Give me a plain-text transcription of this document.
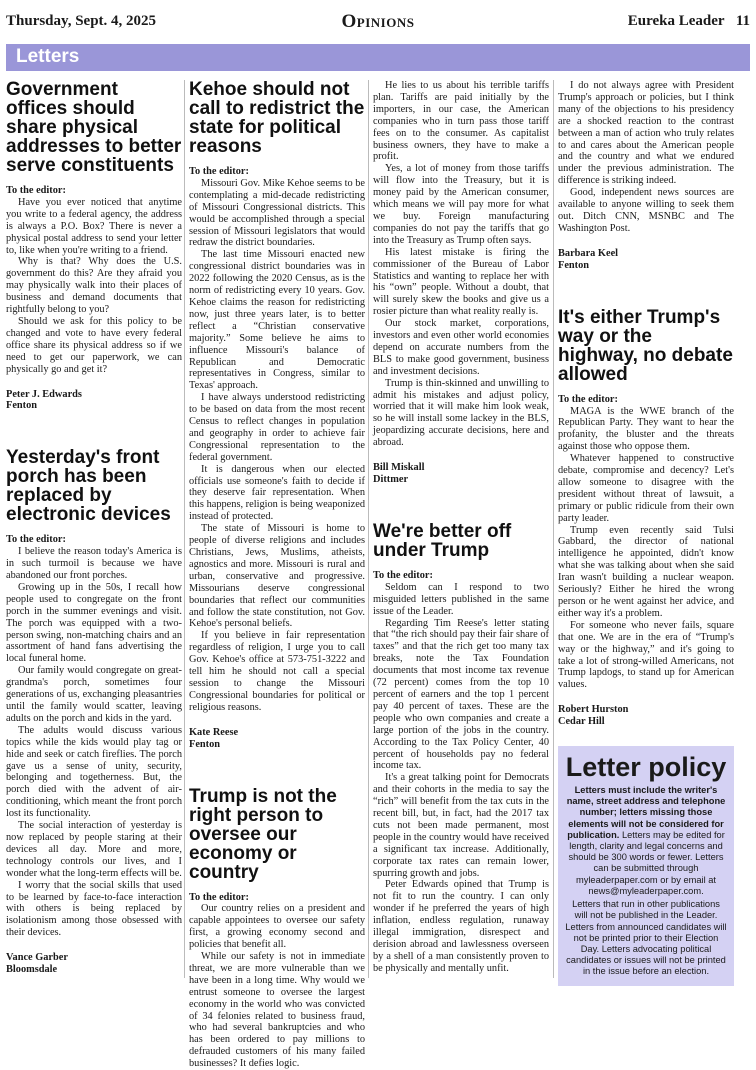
Thursday, Sept. 4, 2025	Opinions	Eureka Leader 11
Letters
Government offices should share physical addresses to better serve constituents
To the editor:

Have you ever noticed that anytime you write to a federal agency, the address is always a P.O. Box? There is never a physical postal address to send your letter to, like when you're writing to a friend.

Why is that? Why does the U.S. government do this? Are they afraid you may physically walk into their places of business and demand documents that rightfully belong to you?

Should we ask for this policy to be changed and vote to have every federal office share its physical address so if we need to get our paperwork, we can physically go and get it?

Peter J. Edwards
Fenton
Yesterday's front porch has been replaced by electronic devices
To the editor:

I believe the reason today's America is in such turmoil is because we have abandoned our front porches.

Growing up in the 50s, I recall how people used to congregate on the front porch in the summer evenings and visit. The porch was equipped with a two-person swing, non-matching chairs and an assortment of hand fans advertising the local funeral home.

Our family would congregate on great-grandma's porch, sometimes four generations of us, exchanging pleasantries until the family would scatter, leaving adults on the porch and kids in the yard.

The adults would discuss various topics while the kids would play tag or hide and seek or catch fireflies. The porch gave us a sense of unity, security, belonging and togetherness. But, the porch died with the advent of air-conditioning, which meant the front porch lost its functionality.

The social interaction of yesterday is now replaced by people staring at their devices all day. More and more, technology controls our lives, and I wonder what the long-term effects will be.

I worry that the social skills that used to be learned by face-to-face interaction with others is being replaced by isolationism among those obsessed with their devices.

Vance Garber
Bloomsdale
Kehoe should not call to redistrict the state for political reasons
To the editor:

Missouri Gov. Mike Kehoe seems to be contemplating a mid-decade redistricting of Missouri Congressional districts. This would be accomplished through a special session of Missouri legislators that would redraw the district boundaries.

The last time Missouri enacted new congressional district boundaries was in 2022 following the 2020 Census, as is the norm of redistricting every 10 years. Gov. Kehoe claims the reason for redistricting now, just three years later, is to better reflect a “Christian conservative majority.” Some believe he aims to influence Missouri's balance of Republican and Democratic representatives in Congress, similar to Texas' approach.

I have always understood redistricting to be based on data from the most recent Census to reflect changes in population and geography in order to achieve fair Congressional representation to the federal government.

It is dangerous when our elected officials use someone's faith to decide if they deserve fair representation. When this happens, religion is being weaponized instead of protected.

The state of Missouri is home to people of diverse religions and includes Christians, Jews, Muslims, atheists, agnostics and more. Missouri is rural and urban, conservative and progressive. Missourians deserve congressional boundaries that reflect our communities and follow the state constitution, not Gov. Kehoe's personal beliefs.

If you believe in fair representation regardless of religion, I urge you to call Gov. Kehoe's office at 573-751-3222 and tell him he should not call a special session to change the Missouri Congressional boundaries for political or religious reasons.

Kate Reese
Fenton
Trump is not the right person to oversee our economy or country
To the editor:

Our country relies on a president and capable appointees to oversee our safety first, a growing economy second and policies that benefit all.

While our safety is not in immediate threat, we are more vulnerable than we have been in a long time. Why would we entrust someone to oversee the largest economy in the world who was convicted of 34 felonies related to business fraud, who had several bankruptcies and who has been ordered to pay millions to defrauded customers of his many failed businesses? It defies logic.

He lies to us about his terrible tariffs plan. Tariffs are paid initially by the importers, in our case, the American companies who in turn pass those tariff fees on to the consumer. As capitalist business owners, they have to make a profit.

Yes, a lot of money from those tariffs will flow into the Treasury, but it is money paid by the American consumer, which means we will pay more for what we buy. Foreign manufacturing companies do not pay the tariffs that go into the Treasury as Trump often says.

His latest mistake is firing the commissioner of the Bureau of Labor Statistics and wanting to replace her with his “own” people. Without a doubt, that will surely skew the books and give us a rosier picture than what reality really is.

Our stock market, corporations, investors and even other world economies depend on accurate numbers from the BLS to make good government, business and investment decisions.

Trump is thin-skinned and unwilling to admit his mistakes and adjust policy, worried that it will make him look weak, so he will install some lackey in the BLS, jeopardizing accurate decisions, here and abroad.

Bill Miskall
Dittmer
We're better off under Trump
To the editor:

Seldom can I respond to two misguided letters published in the same issue of the Leader.

Regarding Tim Reese's letter stating that “the rich should pay their fair share of taxes” and that the rich get too many tax breaks, note the Tax Foundation documents that most income tax revenue (72 percent) comes from the top 10 percent of earners and the top 1 percent pay 40 percent of taxes. These are the people who own companies and create a large portion of the jobs in the country. According to the Tax Policy Center, 40 percent of households pay no federal income tax.

It's a great talking point for Democrats and their cohorts in the media to say the “rich” will benefit from the tax cuts in the recent bill, but, in fact, had the 2017 tax cuts not been made permanent, most people in the country would have received a significant tax increase. Additionally, corporate tax rates can remain lower, spurring growth and jobs.

Peter Edwards opined that Trump is not fit to run the country. I can only wonder if he preferred the years of high inflation, endless regulation, runaway illegal immigration, disrespect and derision abroad and lawlessness overseen by a shell of a man consistently proven to be physically and mentally unfit.

I do not always agree with President Trump's approach or policies, but I think many of the objections to his presidency are a shocked reaction to the contrast between a man of action who truly relates to and cares about the American people and the country and what we endured under the previous administration. The difference is striking indeed.

Good, independent news sources are available to anyone willing to seek them out. Ditch CNN, MSNBC and The Washington Post.

Barbara Keel
Fenton
It's either Trump's way or the highway, no debate allowed
To the editor:

MAGA is the WWE branch of the Republican Party. They want to hear the profanity, the bluster and the threats against those who oppose them.

Whatever happened to constructive debate, compromise and decency? Let's allow someone to disagree with the president without threat of lawsuit, a primary or public ridicule from their own party leader.

Trump even recently said Tulsi Gabbard, the director of national intelligence he appointed, didn't know what she was talking about when she said Iran wasn't building a nuclear weapon. Seriously? Either he hired the wrong person or he went against her advice, and either way it's a problem.

For someone who never fails, square that one. We are in the era of “Trump's way or the highway,” and it's going to take a lot of strong-willed Americans, not Trump lapdogs, to stand up for American values.

Robert Hurston
Cedar Hill
Letter policy
Letters must include the writer's name, street address and telephone number; letters missing those elements will not be considered for publication. Letters may be edited for length, clarity and legal concerns and should be 300 words or fewer. Letters can be submitted through myleaderpaper.com or by email at news@myleaderpaper.com.
Letters that run in other publications will not be published in the Leader. Letters from announced candidates will not be printed prior to their Election Day. Letters advocating political candidates or issues will not be printed in the issue before an election.
